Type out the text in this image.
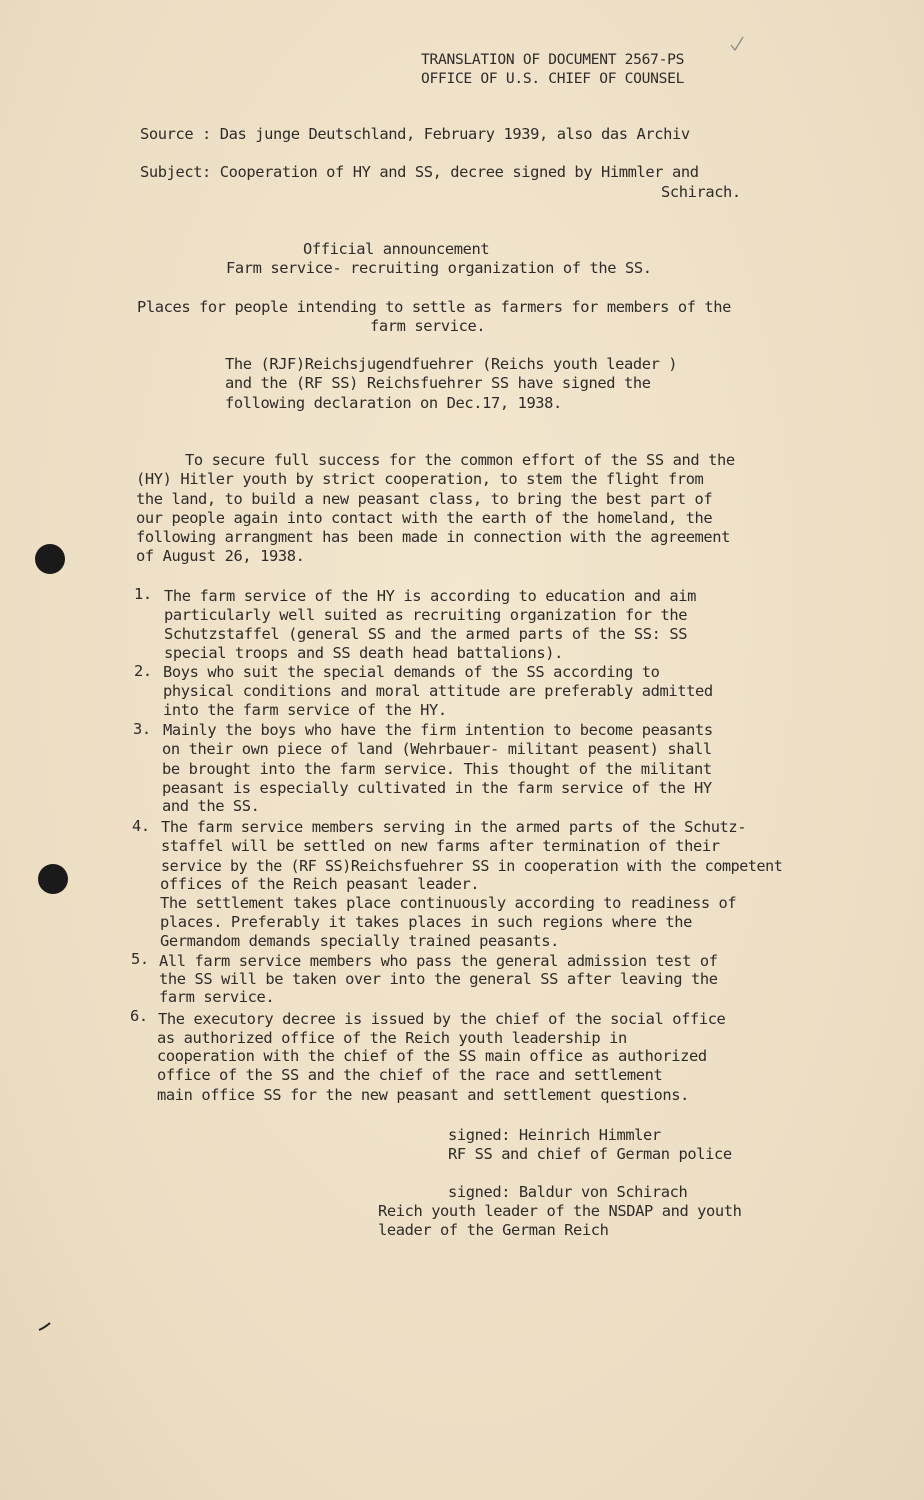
TRANSLATION OF DOCUMENT 2567-PS
OFFICE OF U.S. CHIEF OF COUNSEL
Source : Das junge Deutschland, February 1939, also das Archiv
Subject: Cooperation of HY and SS, decree signed by Himmler and
Schirach.
Official announcement
Farm service- recruiting organization of the SS.
Places for people intending to settle as farmers for members of the
farm service.
The (RJF)Reichsjugendfuehrer (Reichs youth leader )
and the (RF SS) Reichsfuehrer SS have signed the
following declaration on Dec.17, 1938.
To secure full success for the common effort of the SS and the
(HY) Hitler youth by strict cooperation, to stem the flight from
the land, to build a new peasant class, to bring the best part of
our people again into contact with the earth of the homeland, the
following arrangment has been made in connection with the agreement
of August 26, 1938.
1. The farm service of the HY is according to education and aim
particularly well suited as recruiting organization for the
Schutzstaffel (general SS and the armed parts of the SS: SS
special troops and SS death head battalions).
2. Boys who suit the special demands of the SS according to
physical conditions and moral attitude are preferably admitted
into the farm service of the HY.
3. Mainly the boys who have the firm intention to become peasants
on their own piece of land (Wehrbauer- militant peasent) shall
be brought into the farm service. This thought of the militant
peasant is especially cultivated in the farm service of the HY
and the SS.
4. The farm service members serving in the armed parts of the Schutz-
staffel will be settled on new farms after termination of their
service by the (RF SS)Reichsfuehrer SS in cooperation with the competent
offices of the Reich peasant leader.
The settlement takes place continuously according to readiness of
places. Preferably it takes places in such regions where the
Germandom demands specially trained peasants.
5. All farm service members who pass the general admission test of
the SS will be taken over into the general SS after leaving the
farm service.
6. The executory decree is issued by the chief of the social office
as authorized office of the Reich youth leadership in
cooperation with the chief of the SS main office as authorized
office of the SS and the chief of the race and settlement
main office SS for the new peasant and settlement questions.
signed: Heinrich Himmler
RF SS and chief of German police
signed: Baldur von Schirach
Reich youth leader of the NSDAP and youth
leader of the German Reich
